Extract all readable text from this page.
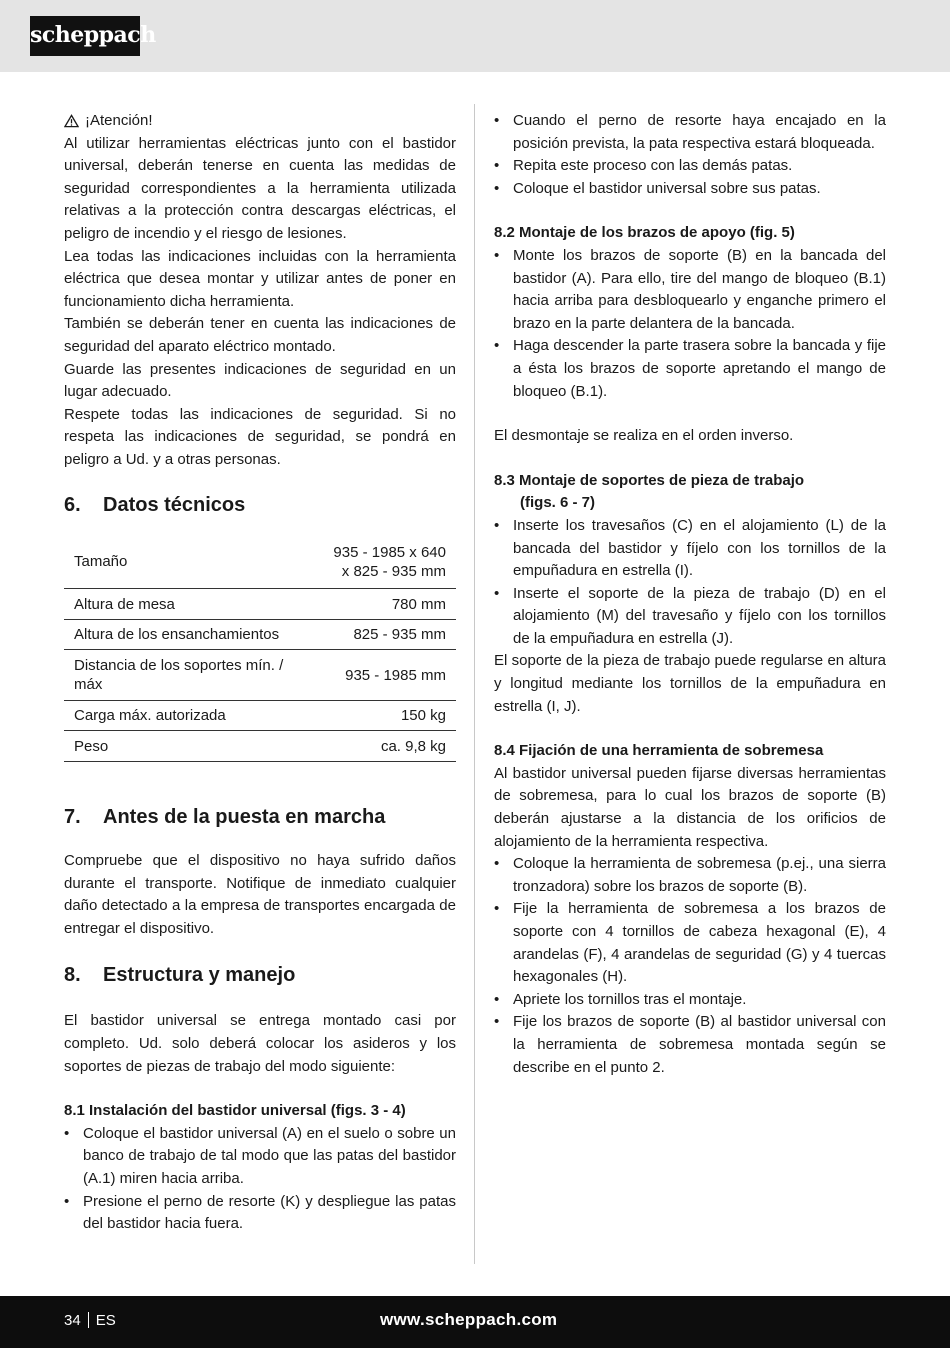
scheppach
¡Atención!

Al utilizar herramientas eléctricas junto con el bastidor universal, deberán tenerse en cuenta las medidas de seguridad correspondientes a la herramienta utilizada relativas a la protección contra descargas eléctricas, el peligro de incendio y el riesgo de lesiones.

Lea todas las indicaciones incluidas con la herramienta eléctrica que desea montar y utilizar antes de poner en funcionamiento dicha herramienta.

También se deberán tener en cuenta las indicaciones de seguridad del aparato eléctrico montado.

Guarde las presentes indicaciones de seguridad en un lugar adecuado.

Respete todas las indicaciones de seguridad. Si no respeta las indicaciones de seguridad, se pondrá en peligro a Ud. y a otras personas.

6.	Datos técnicos
Tamaño	935 - 1985 x 640
x 825 - 935 mm

Altura de mesa	780 mm
Altura de los ensanchamientos	825 - 935 mm
Distancia de los soportes mín. / máx	935 - 1985 mm
Carga máx. autorizada	150 kg
Peso	ca. 9,8 kg
7.	Antes de la puesta en marcha

Compruebe que el dispositivo no haya sufrido daños durante el transporte. Notifique de inmediato cualquier daño detectado a la empresa de transportes encargada de entregar el dispositivo.

8.	Estructura y manejo

El bastidor universal se entrega montado casi por completo. Ud. solo deberá colocar los asideros y los soportes de piezas de trabajo del modo siguiente:

8.1 Instalación del bastidor universal (figs. 3 - 4)

• Coloque el bastidor universal (A) en el suelo o sobre un banco de trabajo de tal modo que las patas del bastidor (A.1) miren hacia arriba.
• Presione el perno de resorte (K) y despliegue las patas del bastidor hacia fuera.
• Cuando el perno de resorte haya encajado en la posición prevista, la pata respectiva estará bloqueada.
• Repita este proceso con las demás patas.
• Coloque el bastidor universal sobre sus patas.

8.2 Montaje de los brazos de apoyo (fig. 5)

• Monte los brazos de soporte (B) en la bancada del bastidor (A). Para ello, tire del mango de bloqueo (B.1) hacia arriba para desbloquearlo y enganche primero el brazo en la parte delantera de la bancada.
• Haga descender la parte trasera sobre la bancada y fije a ésta los brazos de soporte apretando el mango de bloqueo (B.1).

El desmontaje se realiza en el orden inverso.

8.3 Montaje de soportes de pieza de trabajo

(figs. 6 - 7)

• Inserte los travesaños (C) en el alojamiento (L) de la bancada del bastidor y fíjelo con los tornillos de la empuñadura en estrella (I).
• Inserte el soporte de la pieza de trabajo (D) en el alojamiento (M) del travesaño y fíjelo con los tornillos de la empuñadura en estrella (J).

El soporte de la pieza de trabajo puede regularse en altura y longitud mediante los tornillos de la empuñadura en estrella (I, J).

8.4 Fijación de una herramienta de sobremesa

Al bastidor universal pueden fijarse diversas herramientas de sobremesa, para lo cual los brazos de soporte (B) deberán ajustarse a la distancia de los orificios de alojamiento de la herramienta respectiva.

• Coloque la herramienta de sobremesa (p.ej., una sierra tronzadora) sobre los brazos de soporte (B).
• Fije la herramienta de sobremesa a los brazos de soporte con 4 tornillos de cabeza hexagonal (E), 4 arandelas (F), 4 arandelas de seguridad (G) y 4 tuercas hexagonales (H).
• Apriete los tornillos tras el montaje.
• Fije los brazos de soporte (B) al bastidor universal con la herramienta de sobremesa montada según se describe en el punto 2.
34 ES	www.scheppach.com
